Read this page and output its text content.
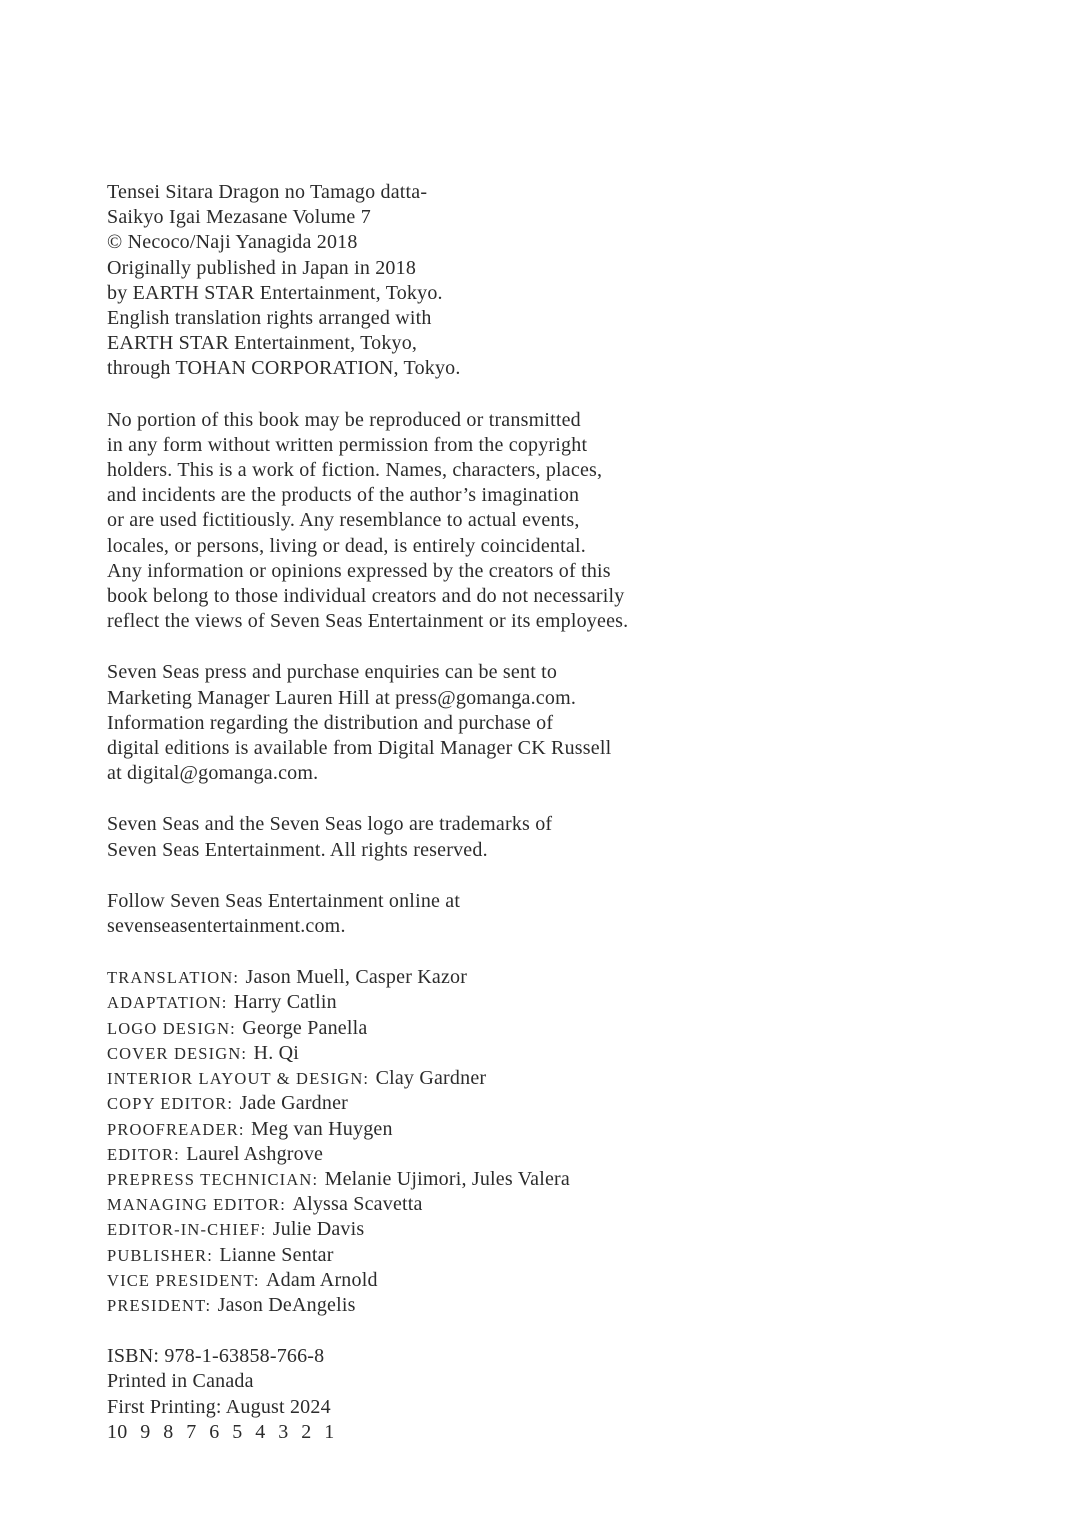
Tensei Sitara Dragon no Tamago datta-
Saikyo Igai Mezasane Volume 7
© Necoco/Naji Yanagida 2018
Originally published in Japan in 2018
by EARTH STAR Entertainment, Tokyo.
English translation rights arranged with
EARTH STAR Entertainment, Tokyo,
through TOHAN CORPORATION, Tokyo.
No portion of this book may be reproduced or transmitted
in any form without written permission from the copyright
holders. This is a work of fiction. Names, characters, places,
and incidents are the products of the author’s imagination
or are used fictitiously. Any resemblance to actual events,
locales, or persons, living or dead, is entirely coincidental.
Any information or opinions expressed by the creators of this
book belong to those individual creators and do not necessarily
reflect the views of Seven Seas Entertainment or its employees.
Seven Seas press and purchase enquiries can be sent to
Marketing Manager Lauren Hill at press@gomanga.com.
Information regarding the distribution and purchase of
digital editions is available from Digital Manager CK Russell
at digital@gomanga.com.
Seven Seas and the Seven Seas logo are trademarks of
Seven Seas Entertainment. All rights reserved.
Follow Seven Seas Entertainment online at
sevenseasentertainment.com.
TRANSLATION: Jason Muell, Casper Kazor
ADAPTATION: Harry Catlin
LOGO DESIGN: George Panella
COVER DESIGN: H. Qi
INTERIOR LAYOUT & DESIGN: Clay Gardner
COPY EDITOR: Jade Gardner
PROOFREADER: Meg van Huygen
EDITOR: Laurel Ashgrove
PREPRESS TECHNICIAN: Melanie Ujimori, Jules Valera
MANAGING EDITOR: Alyssa Scavetta
EDITOR-IN-CHIEF: Julie Davis
PUBLISHER: Lianne Sentar
VICE PRESIDENT: Adam Arnold
PRESIDENT: Jason DeAngelis
ISBN: 978-1-63858-766-8
Printed in Canada
First Printing: August 2024
10 9 8 7 6 5 4 3 2 1
